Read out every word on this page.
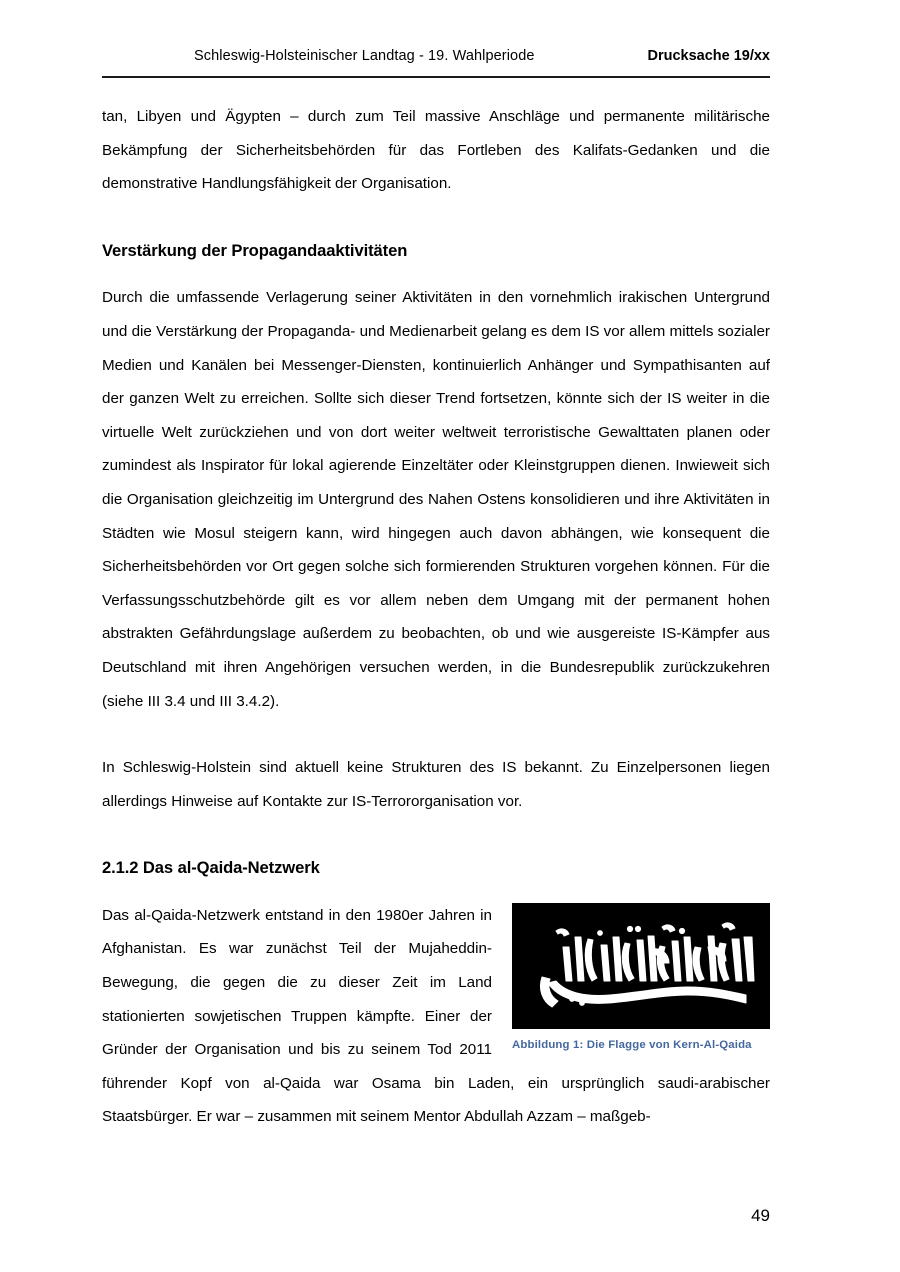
Schleswig-Holsteinischer Landtag - 19. Wahlperiode	Drucksache 19/xx

tan, Libyen und Ägypten – durch zum Teil massive Anschläge und permanente militärische Bekämpfung der Sicherheitsbehörden für das Fortleben des Kalifats-Gedanken und die demonstrative Handlungsfähigkeit der Organisation.

Verstärkung der Propagandaaktivitäten

Durch die umfassende Verlagerung seiner Aktivitäten in den vornehmlich irakischen Untergrund und die Verstärkung der Propaganda- und Medienarbeit gelang es dem IS vor allem mittels sozialer Medien und Kanälen bei Messenger-Diensten, kontinuierlich Anhänger und Sympathisanten auf der ganzen Welt zu erreichen. Sollte sich dieser Trend fortsetzen, könnte sich der IS weiter in die virtuelle Welt zurückziehen und von dort weiter weltweit terroristische Gewalttaten planen oder zumindest als Inspirator für lokal agierende Einzeltäter oder Kleinstgruppen dienen. Inwieweit sich die Organisation gleichzeitig im Untergrund des Nahen Ostens konsolidieren und ihre Aktivitäten in Städten wie Mosul steigern kann, wird hingegen auch davon abhängen, wie konsequent die Sicherheitsbehörden vor Ort gegen solche sich formierenden Strukturen vorgehen können. Für die Verfassungsschutzbehörde gilt es vor allem neben dem Umgang mit der permanent hohen abstrakten Gefährdungslage außerdem zu beobachten, ob und wie ausgereiste IS-Kämpfer aus Deutschland mit ihren Angehörigen versuchen werden, in die Bundesrepublik zurückzukehren (siehe III 3.4 und III 3.4.2).

In Schleswig-Holstein sind aktuell keine Strukturen des IS bekannt. Zu Einzelpersonen liegen allerdings Hinweise auf Kontakte zur IS-Terrororganisation vor.

2.1.2 Das al-Qaida-Netzwerk
Abbildung 1: Die Flagge von Kern-Al-Qaida

Das al-Qaida-Netzwerk entstand in den 1980er Jahren in Afghanistan. Es war zunächst Teil der Mujaheddin-Bewegung, die gegen die zu dieser Zeit im Land stationierten sowjetischen Truppen kämpfte. Einer der Gründer der Organisation und bis zu seinem Tod 2011 führender Kopf von al-Qaida war Osama bin Laden, ein ursprünglich saudi-arabischer Staatsbürger. Er war – zusammen mit seinem Mentor Abdullah Azzam – maßgeb-

49
